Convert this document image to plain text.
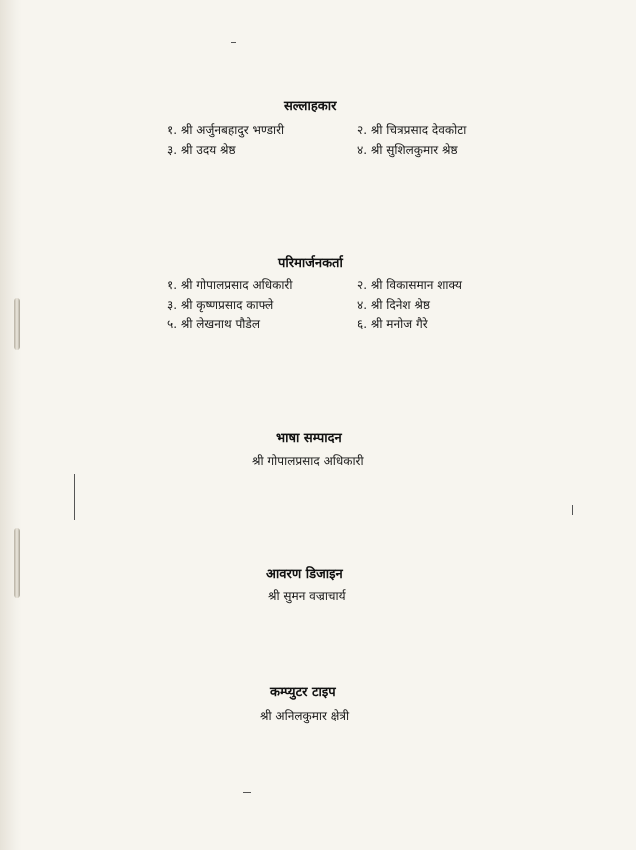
सल्लाहकार
१. श्री अर्जुनबहादुर भण्डारी	२. श्री चित्रप्रसाद देवकोटा
३. श्री उदय श्रेष्ठ	४. श्री सुशिलकुमार श्रेष्ठ
परिमार्जनकर्ता
१. श्री गोपालप्रसाद अधिकारी	२. श्री विकासमान शाक्य
३. श्री कृष्णप्रसाद काफ्ले	४. श्री दिनेश श्रेष्ठ
५. श्री लेखनाथ पौडेल	६. श्री मनोज गैरे
भाषा सम्पादन
श्री गोपालप्रसाद अधिकारी
आवरण डिजाइन
श्री सुमन वज्राचार्य
कम्प्युटर टाइप
श्री अनिलकुमार क्षेत्री
